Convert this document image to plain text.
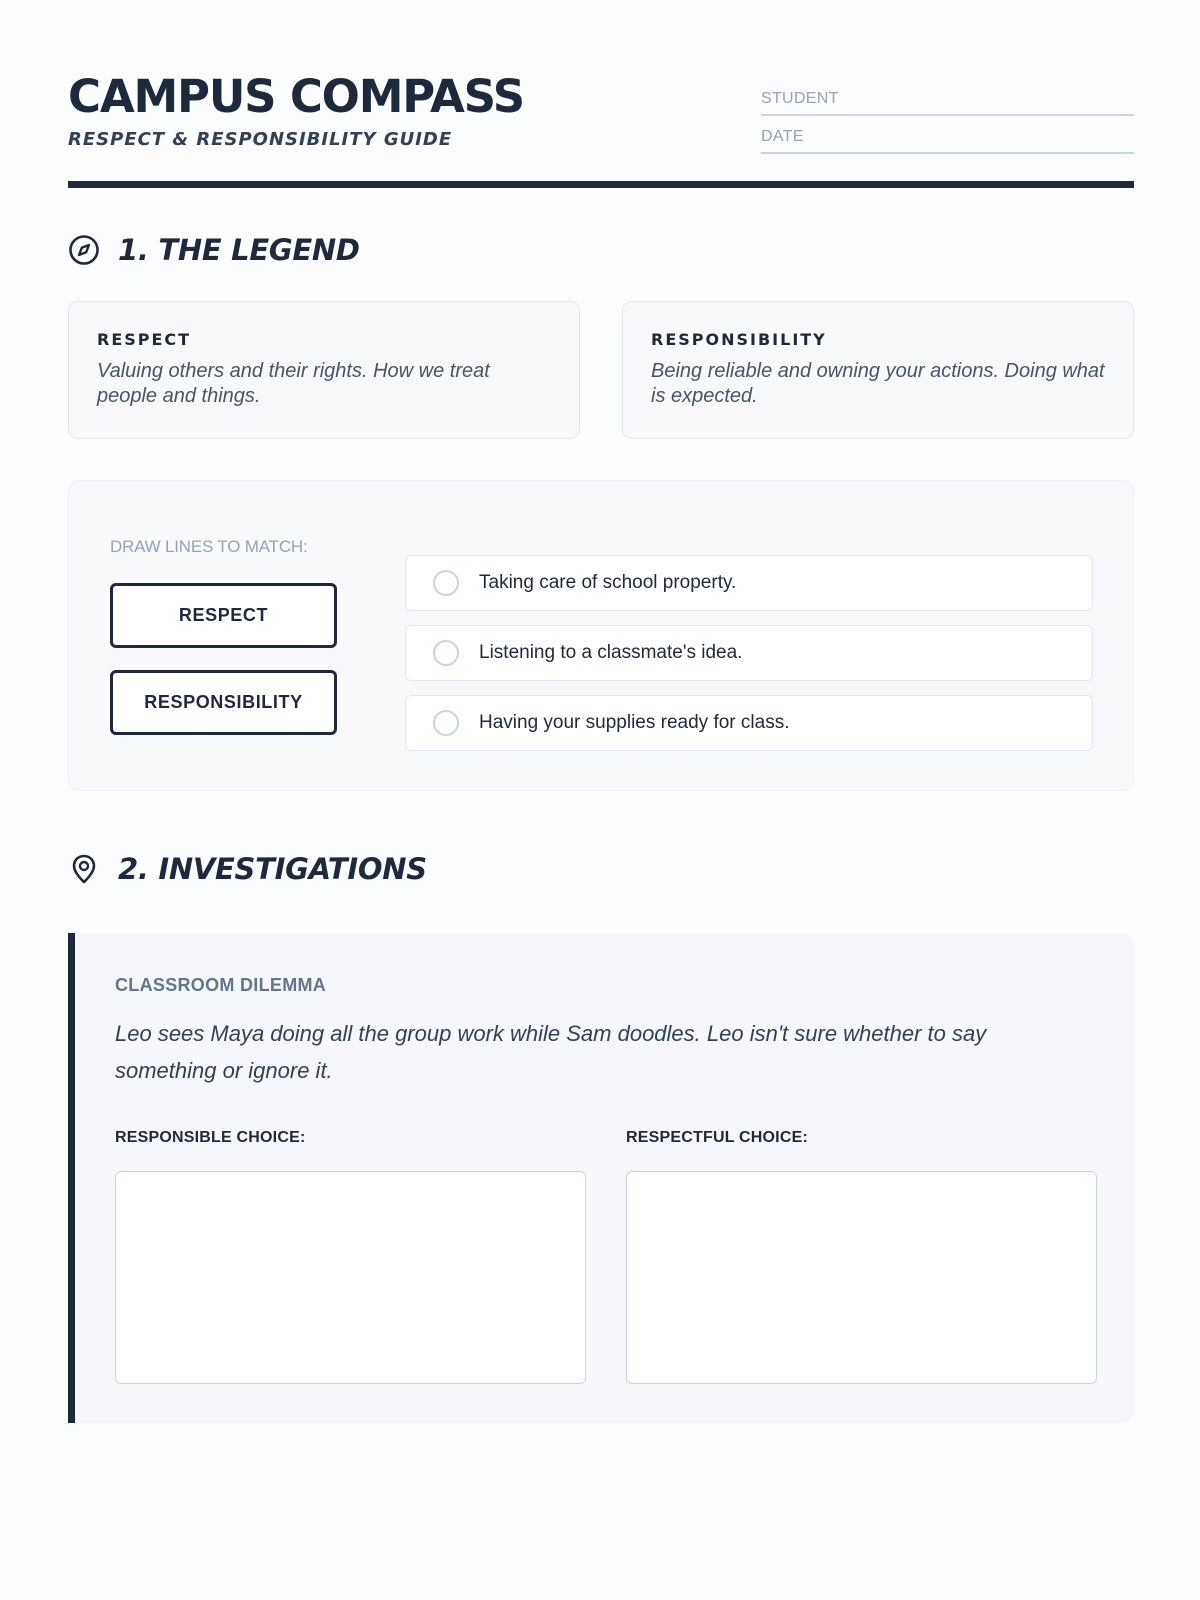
CAMPUS COMPASS
RESPECT & RESPONSIBILITY GUIDE
STUDENT
DATE
1. THE LEGEND
RESPECT
Valuing others and their rights. How we treat people and things.
RESPONSIBILITY
Being reliable and owning your actions. Doing what is expected.
DRAW LINES TO MATCH:
RESPECT
RESPONSIBILITY
Taking care of school property.
Listening to a classmate's idea.
Having your supplies ready for class.
2. INVESTIGATIONS
CLASSROOM DILEMMA
Leo sees Maya doing all the group work while Sam doodles. Leo isn't sure whether to say something or ignore it.
RESPONSIBLE CHOICE:	RESPECTFUL CHOICE:
